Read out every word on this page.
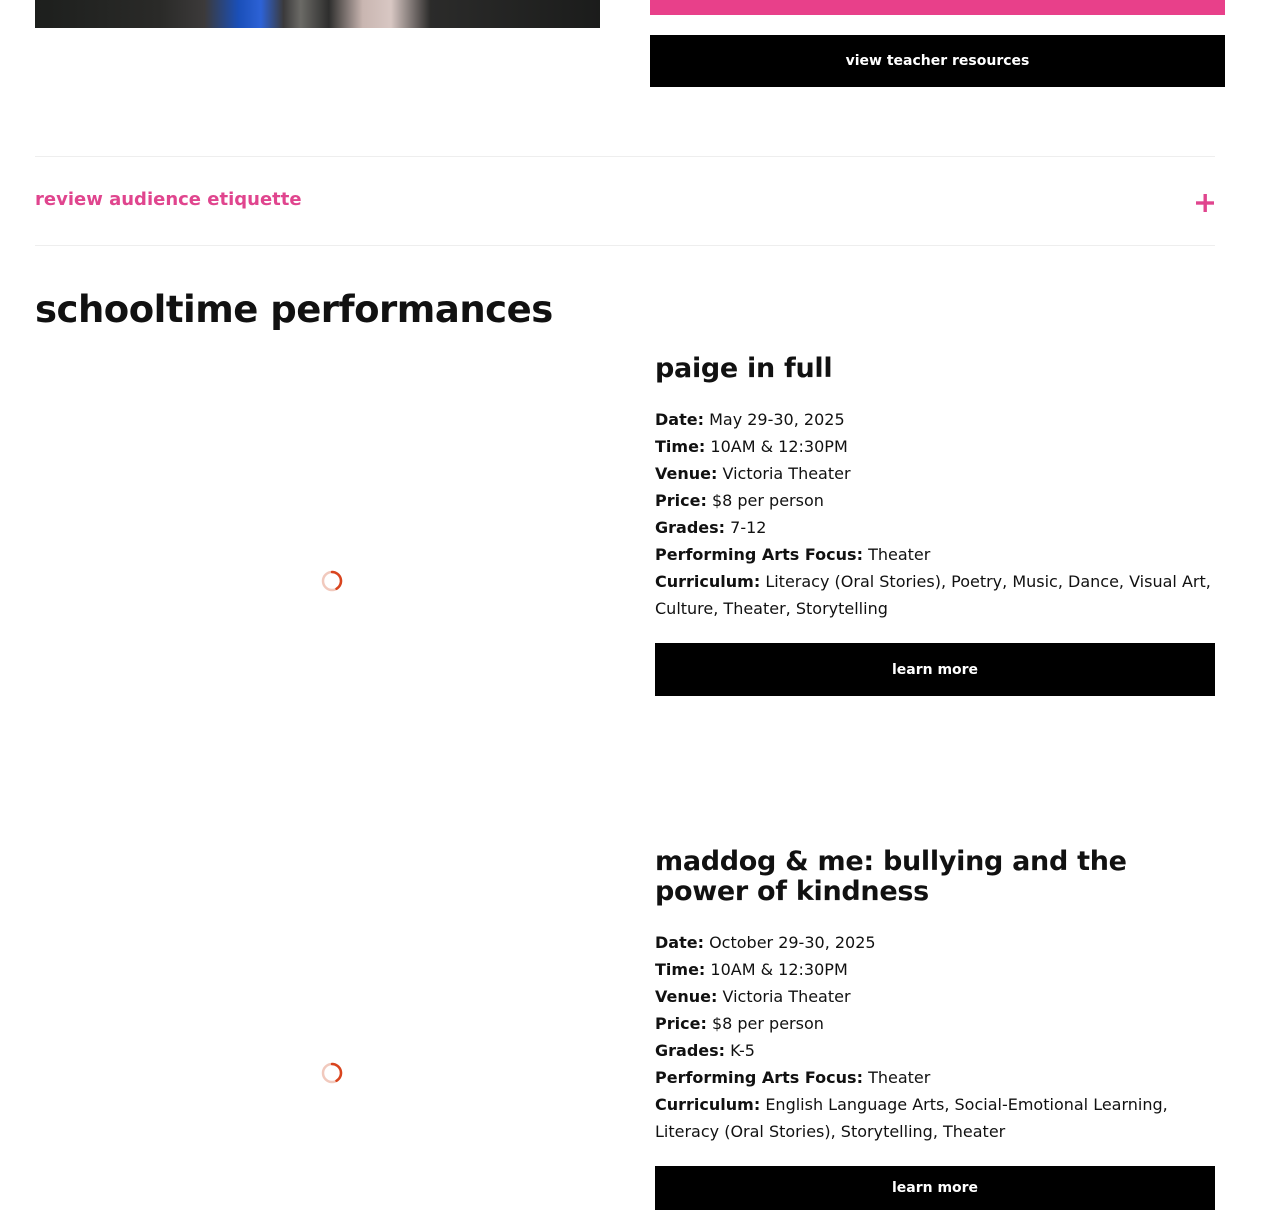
view teacher resources
review audience etiquette
schooltime performances
paige in full

Date: May 29-30, 2025

Time: 10AM & 12:30PM

Venue: Victoria Theater

Price: $8 per person

Grades: 7-12

Performing Arts Focus: Theater

Curriculum: Literacy (Oral Stories), Poetry, Music, Dance, Visual Art, Culture, Theater, Storytelling

learn more
maddog & me: bullying and the power of kindness

Date: October 29-30, 2025

Time: 10AM & 12:30PM

Venue: Victoria Theater

Price: $8 per person

Grades: K-5

Performing Arts Focus: Theater

Curriculum: English Language Arts, Social-Emotional Learning, Literacy (Oral Stories), Storytelling, Theater

learn more
